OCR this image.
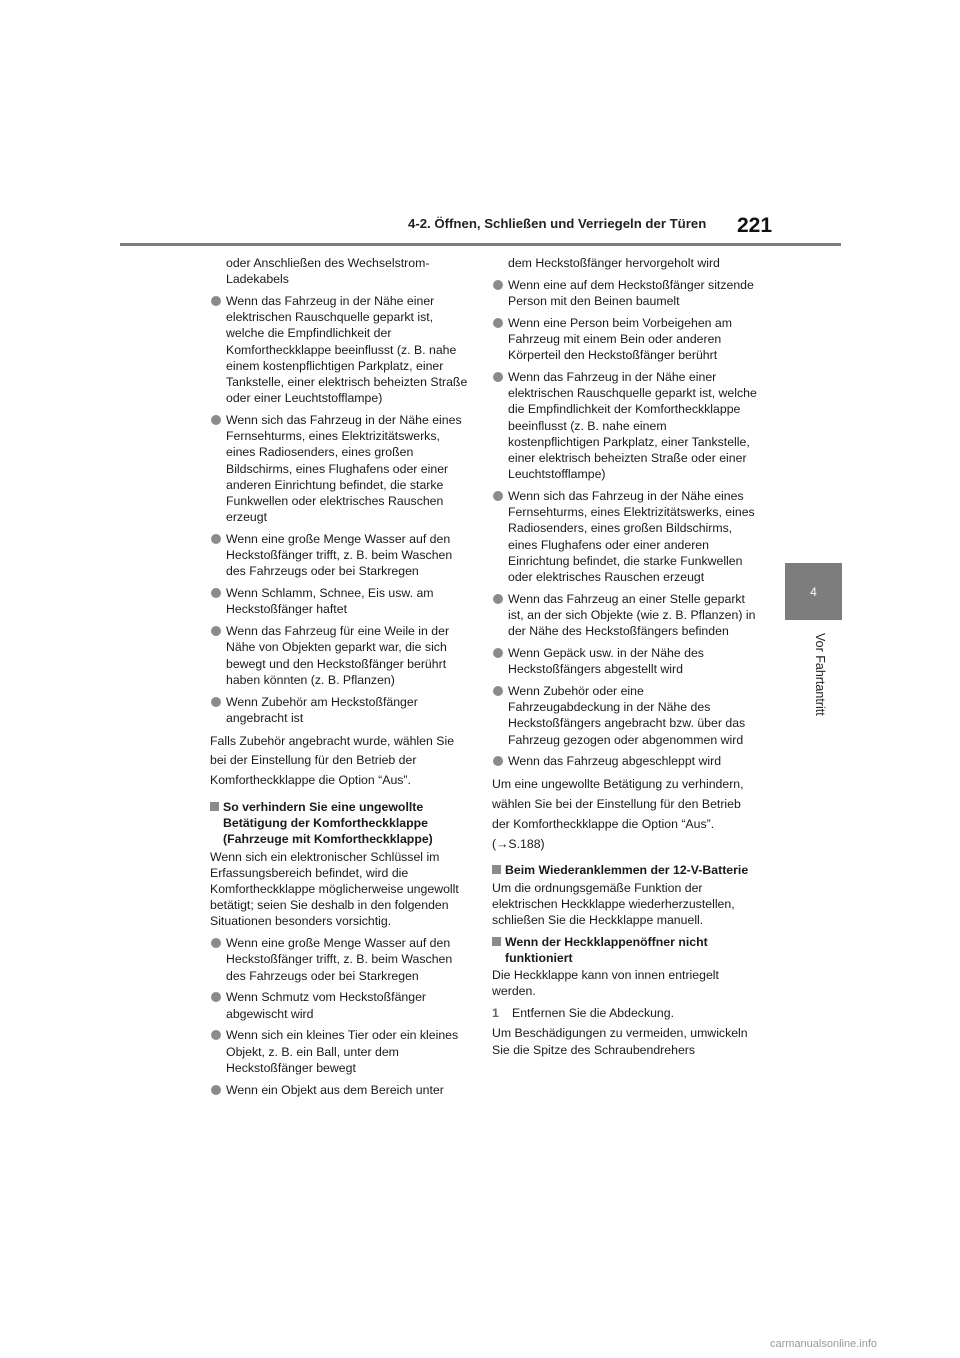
4-2. Öffnen, Schließen und Verriegeln der Türen 221
4
Vor Fahrtantritt
oder Anschließen des Wechselstrom-Ladekabels
Wenn das Fahrzeug in der Nähe einer elektrischen Rauschquelle geparkt ist, welche die Empfindlichkeit der Komfortheckklappe beeinflusst (z. B. nahe einem kostenpflichtigen Parkplatz, einer Tankstelle, einer elektrisch beheizten Straße oder einer Leuchtstofflampe)
Wenn sich das Fahrzeug in der Nähe eines Fernsehturms, eines Elektrizitätswerks, eines Radiosenders, eines großen Bildschirms, eines Flughafens oder einer anderen Einrichtung befindet, die starke Funkwellen oder elektrisches Rauschen erzeugt
Wenn eine große Menge Wasser auf den Heckstoßfänger trifft, z. B. beim Waschen des Fahrzeugs oder bei Starkregen
Wenn Schlamm, Schnee, Eis usw. am Heckstoßfänger haftet
Wenn das Fahrzeug für eine Weile in der Nähe von Objekten geparkt war, die sich bewegt und den Heckstoßfänger berührt haben könnten (z. B. Pflanzen)
Wenn Zubehör am Heckstoßfänger angebracht ist
Falls Zubehör angebracht wurde, wählen Sie bei der Einstellung für den Betrieb der Komfortheckklappe die Option “Aus”.
So verhindern Sie eine ungewollte Betätigung der Komfortheckklappe (Fahrzeuge mit Komfortheckklappe)
Wenn sich ein elektronischer Schlüssel im Erfassungsbereich befindet, wird die Komfortheckklappe möglicherweise ungewollt betätigt; seien Sie deshalb in den folgenden Situationen besonders vorsichtig.
Wenn eine große Menge Wasser auf den Heckstoßfänger trifft, z. B. beim Waschen des Fahrzeugs oder bei Starkregen
Wenn Schmutz vom Heckstoßfänger abgewischt wird
Wenn sich ein kleines Tier oder ein kleines Objekt, z. B. ein Ball, unter dem Heckstoßfänger bewegt
Wenn ein Objekt aus dem Bereich unter
dem Heckstoßfänger hervorgeholt wird
Wenn eine auf dem Heckstoßfänger sitzende Person mit den Beinen baumelt
Wenn eine Person beim Vorbeigehen am Fahrzeug mit einem Bein oder anderen Körperteil den Heckstoßfänger berührt
Wenn das Fahrzeug in der Nähe einer elektrischen Rauschquelle geparkt ist, welche die Empfindlichkeit der Komfortheckklappe beeinflusst (z. B. nahe einem kostenpflichtigen Parkplatz, einer Tankstelle, einer elektrisch beheizten Straße oder einer Leuchtstofflampe)
Wenn sich das Fahrzeug in der Nähe eines Fernsehturms, eines Elektrizitätswerks, eines Radiosenders, eines großen Bildschirms, eines Flughafens oder einer anderen Einrichtung befindet, die starke Funkwellen oder elektrisches Rauschen erzeugt
Wenn das Fahrzeug an einer Stelle geparkt ist, an der sich Objekte (wie z. B. Pflanzen) in der Nähe des Heckstoßfängers befinden
Wenn Gepäck usw. in der Nähe des Heckstoßfängers abgestellt wird
Wenn Zubehör oder eine Fahrzeugabdeckung in der Nähe des Heckstoßfängers angebracht bzw. über das Fahrzeug gezogen oder abgenommen wird
Wenn das Fahrzeug abgeschleppt wird
Um eine ungewollte Betätigung zu verhindern, wählen Sie bei der Einstellung für den Betrieb der Komfortheckklappe die Option “Aus”. (→S.188)
Beim Wiederanklemmen der 12-V-Batterie
Um die ordnungsgemäße Funktion der elektrischen Heckklappe wiederherzustellen, schließen Sie die Heckklappe manuell.
Wenn der Heckklappenöffner nicht funktioniert
Die Heckklappe kann von innen entriegelt werden.
1 Entfernen Sie die Abdeckung.
Um Beschädigungen zu vermeiden, umwickeln Sie die Spitze des Schraubendrehers
carmanualsonline.info
